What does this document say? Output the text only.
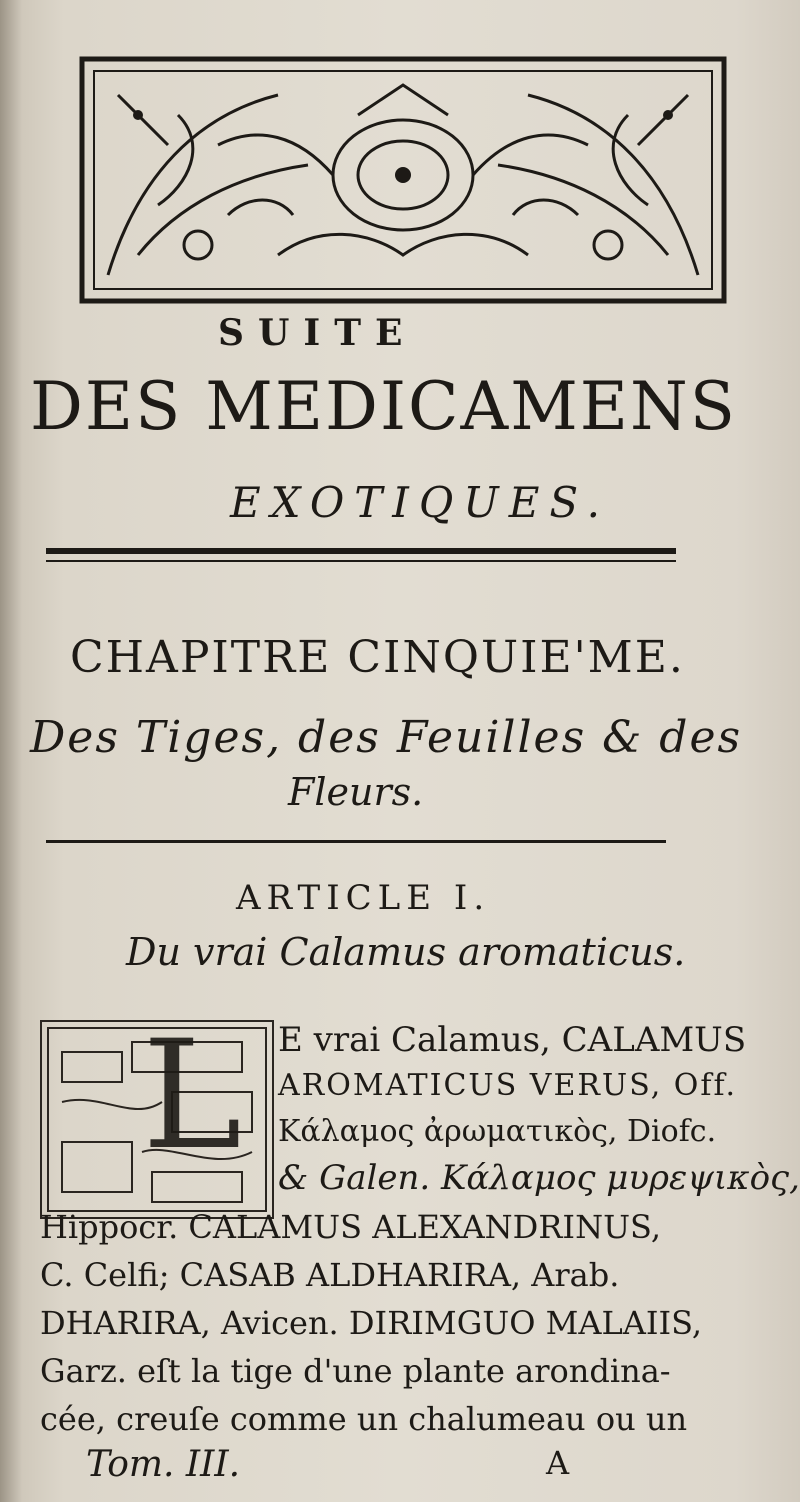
SUITE
DES MEDICAMENS
EXOTIQUES.
CHAPITRE CINQUIE'ME.
Des Tiges, des Feuilles & des
Fleurs.
ARTICLE I.
Du vrai Calamus aromaticus.
L E vrai Calamus, CALAMUS
AROMATICUS VERUS, Off.
Κάλαμος ἀρωματικὸς, Diofc.
& Galen. Κάλαμος μυρεψικὸς,
Hippocr. CALAMUS ALEXANDRINUS,
C. Celfi; CASAB ALDHARIRA, Arab.
DHARIRA, Avicen. DIRIMGUO MALAIIS,
Garz. eſt la tige d'une plante arondina-
cée, creuſe comme un chalumeau ou un
Tom. III.	A
